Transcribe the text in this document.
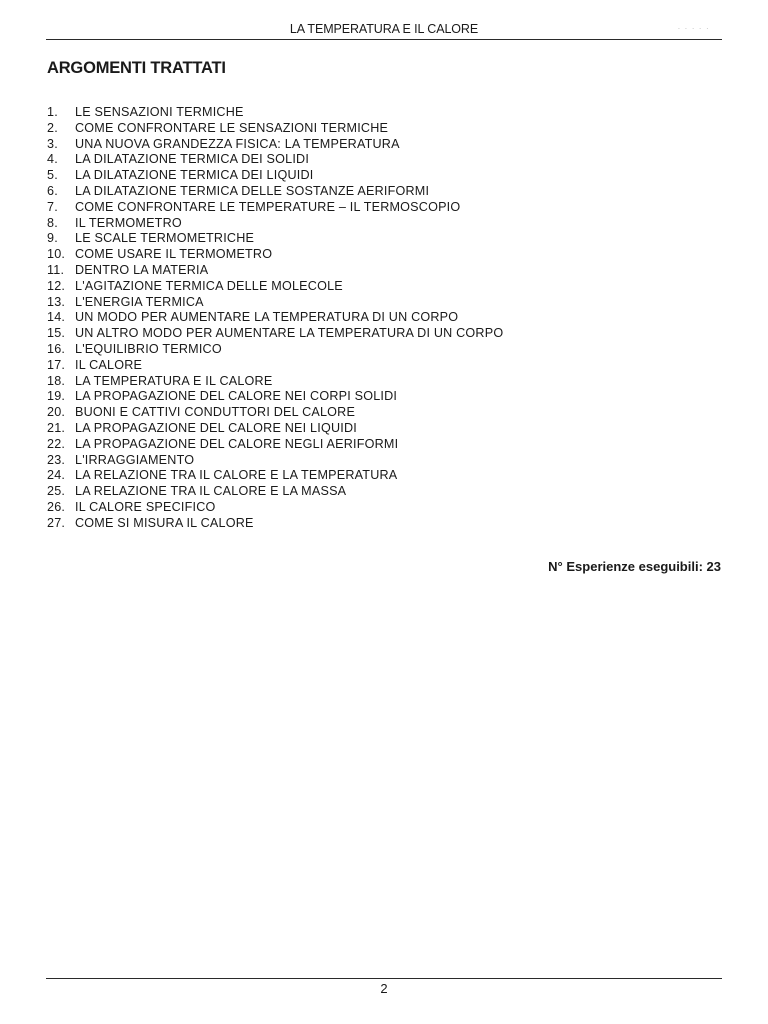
LA TEMPERATURA E IL CALORE	· · · · ·
ARGOMENTI TRATTATI
1. LE SENSAZIONI TERMICHE
2. COME CONFRONTARE LE SENSAZIONI TERMICHE
3. UNA NUOVA GRANDEZZA FISICA: LA TEMPERATURA
4. LA DILATAZIONE TERMICA DEI SOLIDI
5. LA DILATAZIONE TERMICA DEI LIQUIDI
6. LA DILATAZIONE TERMICA DELLE SOSTANZE AERIFORMI
7. COME CONFRONTARE LE TEMPERATURE – IL TERMOSCOPIO
8. IL TERMOMETRO
9. LE SCALE TERMOMETRICHE
10. COME USARE IL TERMOMETRO
11. DENTRO LA MATERIA
12. L'AGITAZIONE TERMICA DELLE MOLECOLE
13. L'ENERGIA TERMICA
14. UN MODO PER AUMENTARE LA TEMPERATURA DI UN CORPO
15. UN ALTRO MODO PER AUMENTARE LA TEMPERATURA DI UN CORPO
16. L'EQUILIBRIO TERMICO
17. IL CALORE
18. LA TEMPERATURA E IL CALORE
19. LA PROPAGAZIONE DEL CALORE NEI CORPI SOLIDI
20. BUONI E CATTIVI CONDUTTORI DEL CALORE
21. LA PROPAGAZIONE DEL CALORE NEI LIQUIDI
22. LA PROPAGAZIONE DEL CALORE NEGLI AERIFORMI
23. L'IRRAGGIAMENTO
24. LA RELAZIONE TRA IL CALORE E LA TEMPERATURA
25. LA RELAZIONE TRA IL CALORE E LA MASSA
26. IL CALORE SPECIFICO
27. COME SI MISURA IL CALORE
N° Esperienze eseguibili: 23
2
